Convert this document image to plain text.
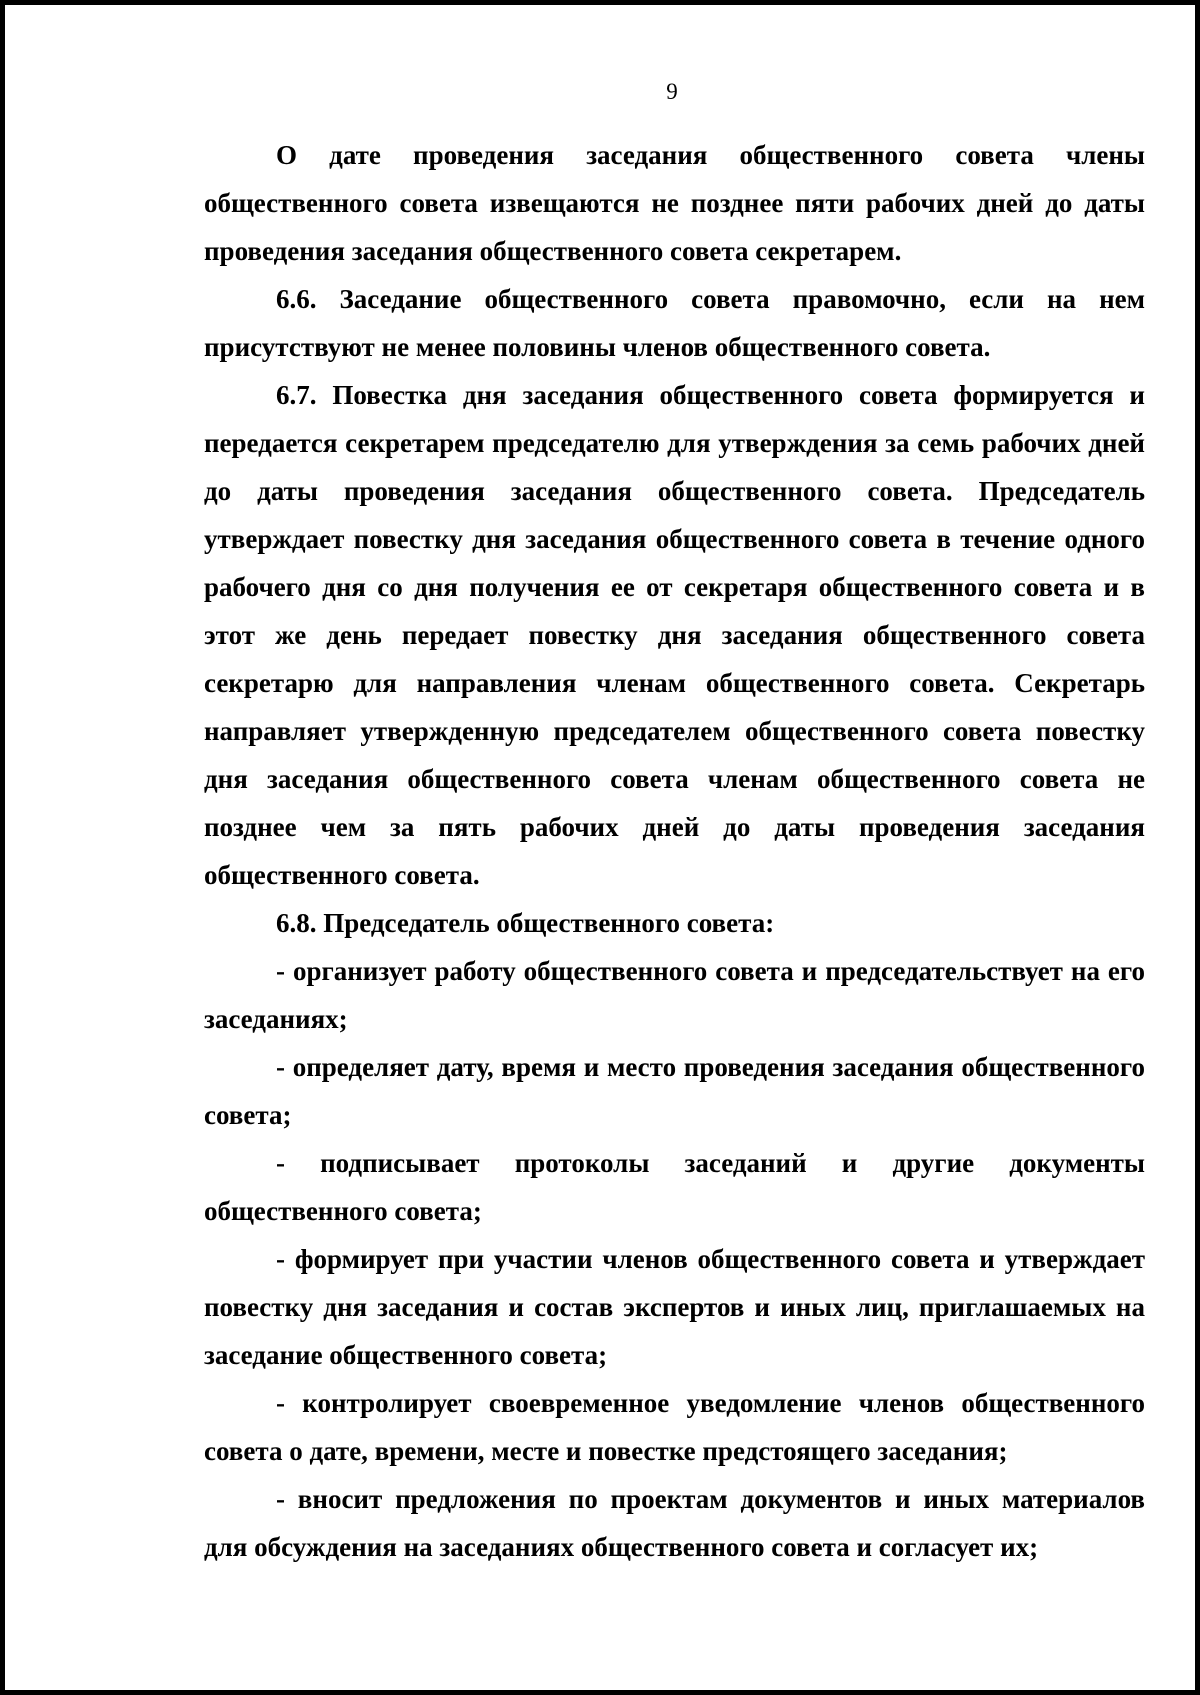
9

О дате проведения заседания общественного совета члены общественного совета извещаются не позднее пяти рабочих дней до даты проведения заседания общественного совета секретарем.

6.6. Заседание общественного совета правомочно, если на нем присутствуют не менее половины членов общественного совета.

6.7. Повестка дня заседания общественного совета формируется и передается секретарем председателю для утверждения за семь рабочих дней до даты проведения заседания общественного совета. Председатель утверждает повестку дня заседания общественного совета в течение одного рабочего дня со дня получения ее от секретаря общественного совета и в этот же день передает повестку дня заседания общественного совета секретарю для направления членам общественного совета. Секретарь направляет утвержденную председателем общественного совета повестку дня заседания общественного совета членам общественного совета не позднее чем за пять рабочих дней до даты проведения заседания общественного совета.

6.8. Председатель общественного совета:

- организует работу общественного совета и председательствует на его заседаниях;

- определяет дату, время и место проведения заседания общественного совета;

- подписывает протоколы заседаний и другие документы общественного совета;

- формирует при участии членов общественного совета и утверждает повестку дня заседания и состав экспертов и иных лиц, приглашаемых на заседание общественного совета;

- контролирует своевременное уведомление членов общественного совета о дате, времени, месте и повестке предстоящего заседания;

- вносит предложения по проектам документов и иных материалов для обсуждения на заседаниях общественного совета и согласует их;
